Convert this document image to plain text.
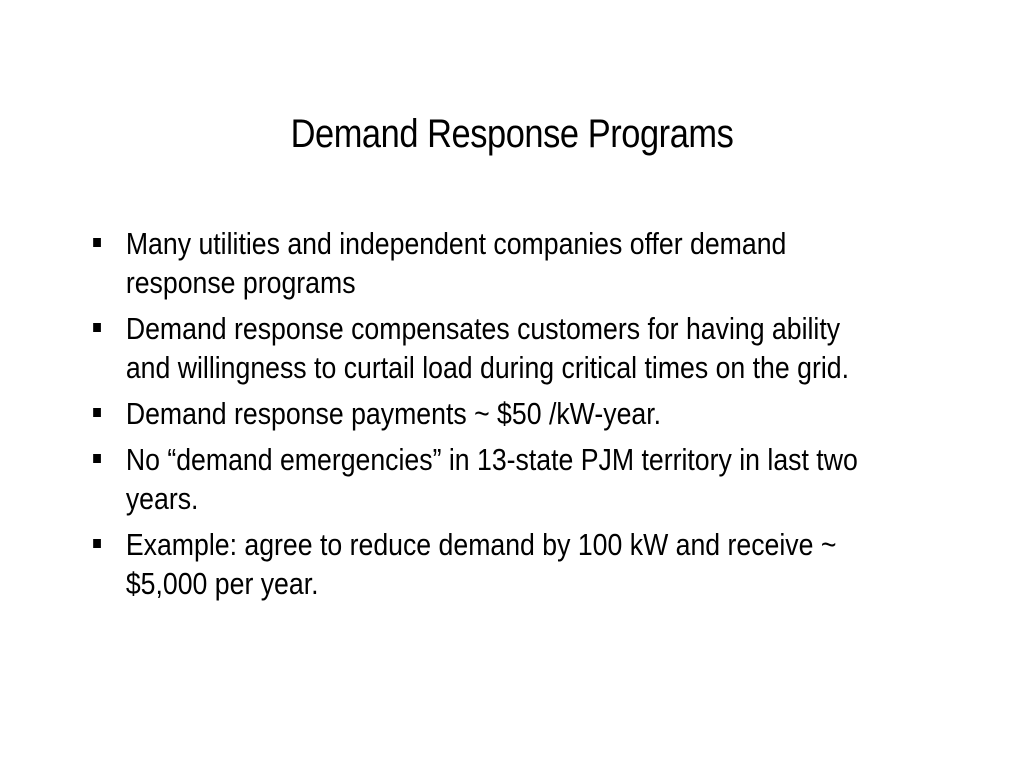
Demand Response Programs
Many utilities and independent companies offer demand response programs
Demand response compensates customers for having ability and willingness to curtail load during critical times on the grid.
Demand response payments ~ $50 /kW-year.
No “demand emergencies” in 13-state PJM territory in last two years.
Example: agree to reduce demand by 100 kW and receive ~ $5,000 per year.
